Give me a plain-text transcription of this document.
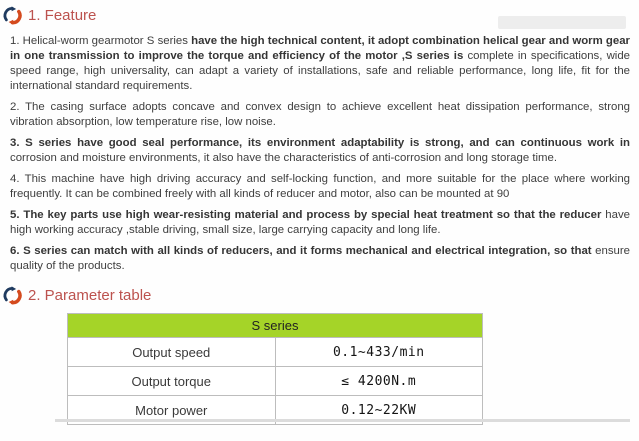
1. Feature

1. Helical-worm gearmotor S series have the high technical content, it adopt combination helical gear and worm gear in one transmission to improve the torque and efficiency of the motor ,S series is complete in specifications, wide speed range, high universality, can adapt a variety of installations, safe and reliable performance, long life, fit for the international standard requirements.

2. The casing surface adopts concave and convex design to achieve excellent heat dissipation performance, strong vibration absorption, low temperature rise, low noise.

3. S series have good seal performance, its environment adaptability is strong, and can continuous work in corrosion and moisture environments, it also have the characteristics of anti-corrosion and long storage time.

4. This machine have high driving accuracy and self-locking function, and more suitable for the place where working frequently. It can be combined freely with all kinds of reducer and motor, also can be mounted at 90

5. The key parts use high wear-resisting material and process by special heat treatment so that the reducer have high working accuracy ,stable driving, small size, large carrying capacity and long life.

6. S series can match with all kinds of reducers, and it forms mechanical and electrical integration, so that ensure quality of the products.

2. Parameter table
S series	
Output speed	0.1~433/min
Output torque	≤ 4200N.m
Motor power	0.12~22KW
